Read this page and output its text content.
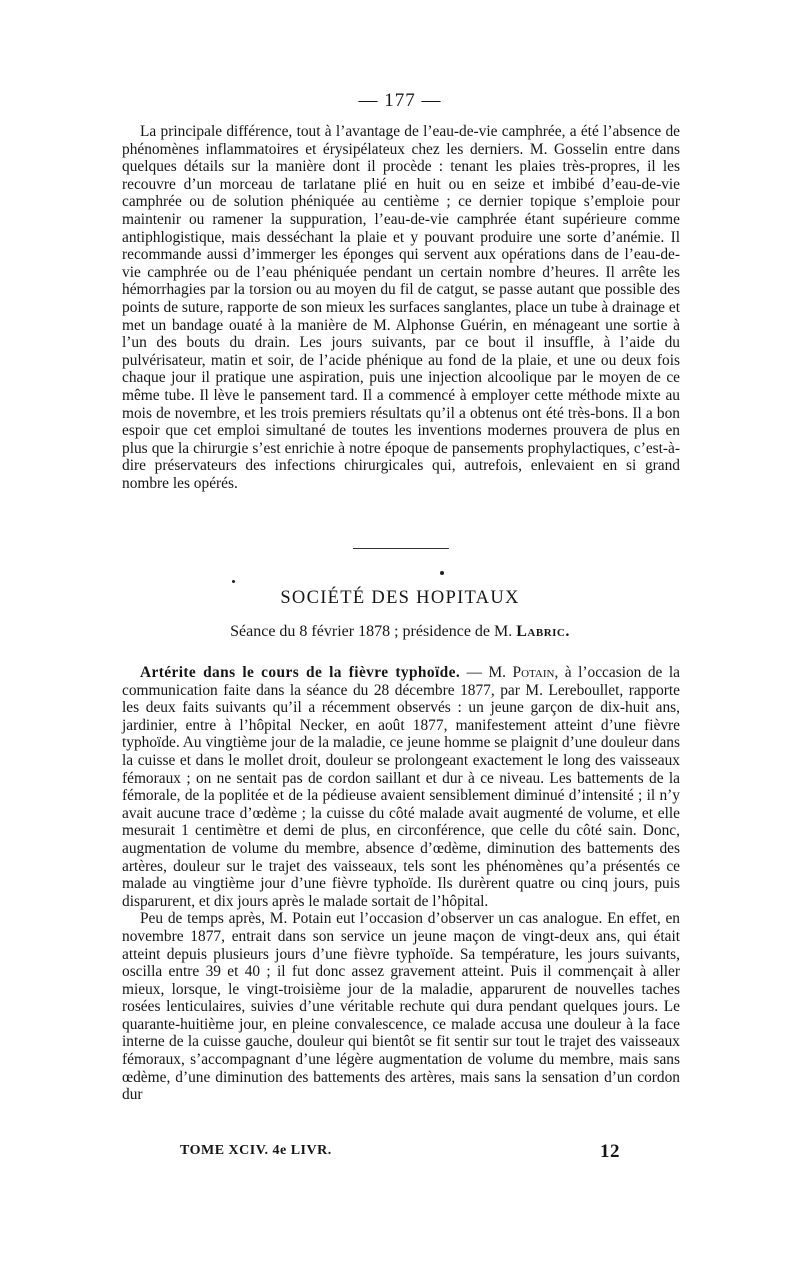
— 177 —

La principale différence, tout à l’avantage de l’eau-de-vie camphrée, a été l’absence de phénomènes inflammatoires et érysipélateux chez les derniers. M. Gosselin entre dans quelques détails sur la manière dont il procède : tenant les plaies très-propres, il les recouvre d’un morceau de tarlatane plié en huit ou en seize et imbibé d’eau-de-vie camphrée ou de solution phéniquée au centième ; ce dernier topique s’emploie pour maintenir ou ramener la suppuration, l’eau-de-vie camphrée étant supérieure comme antiphlogistique, mais desséchant la plaie et y pouvant produire une sorte d’anémie. Il recommande aussi d’immerger les éponges qui servent aux opérations dans de l’eau-de-vie camphrée ou de l’eau phéniquée pendant un certain nombre d’heures. Il arrête les hémorrhagies par la torsion ou au moyen du fil de catgut, se passe autant que possible des points de suture, rapporte de son mieux les surfaces sanglantes, place un tube à drainage et met un bandage ouaté à la manière de M. Alphonse Guérin, en ménageant une sortie à l’un des bouts du drain. Les jours suivants, par ce bout il insuffle, à l’aide du pulvérisateur, matin et soir, de l’acide phénique au fond de la plaie, et une ou deux fois chaque jour il pratique une aspiration, puis une injection alcoolique par le moyen de ce même tube. Il lève le pansement tard. Il a commencé à employer cette méthode mixte au mois de novembre, et les trois premiers résultats qu’il a obtenus ont été très-bons. Il a bon espoir que cet emploi simultané de toutes les inventions modernes prouvera de plus en plus que la chirurgie s’est enrichie à notre époque de pansements prophylactiques, c’est-à-dire préservateurs des infections chirurgicales qui, autrefois, enlevaient en si grand nombre les opérés.

SOCIÉTÉ DES HOPITAUX
Séance du 8 février 1878 ; présidence de M. Labric.

Artérite dans le cours de la fièvre typhoïde. — M. Potain, à l’occasion de la communication faite dans la séance du 28 décembre 1877, par M. Lereboullet, rapporte les deux faits suivants qu’il a récemment observés : un jeune garçon de dix-huit ans, jardinier, entre à l’hôpital Necker, en août 1877, manifestement atteint d’une fièvre typhoïde. Au vingtième jour de la maladie, ce jeune homme se plaignit d’une douleur dans la cuisse et dans le mollet droit, douleur se prolongeant exactement le long des vaisseaux fémoraux ; on ne sentait pas de cordon saillant et dur à ce niveau. Les battements de la fémorale, de la poplitée et de la pédieuse avaient sensiblement diminué d’intensité ; il n’y avait aucune trace d’œdème ; la cuisse du côté malade avait augmenté de volume, et elle mesurait 1 centimètre et demi de plus, en circonférence, que celle du côté sain. Donc, augmentation de volume du membre, absence d’œdème, diminution des battements des artères, douleur sur le trajet des vaisseaux, tels sont les phénomènes qu’a présentés ce malade au vingtième jour d’une fièvre typhoïde. Ils durèrent quatre ou cinq jours, puis disparurent, et dix jours après le malade sortait de l’hôpital.

Peu de temps après, M. Potain eut l’occasion d’observer un cas analogue. En effet, en novembre 1877, entrait dans son service un jeune maçon de vingt-deux ans, qui était atteint depuis plusieurs jours d’une fièvre typhoïde. Sa température, les jours suivants, oscilla entre 39 et 40 ; il fut donc assez gravement atteint. Puis il commençait à aller mieux, lorsque, le vingt-troisième jour de la maladie, apparurent de nouvelles taches rosées lenticulaires, suivies d’une véritable rechute qui dura pendant quelques jours. Le quarante-huitième jour, en pleine convalescence, ce malade accusa une douleur à la face interne de la cuisse gauche, douleur qui bientôt se fit sentir sur tout le trajet des vaisseaux fémoraux, s’accompagnant d’une légère augmentation de volume du membre, mais sans œdème, d’une diminution des battements des artères, mais sans la sensation d’un cordon dur

TOME XCIV. 4e LIVR.	12
